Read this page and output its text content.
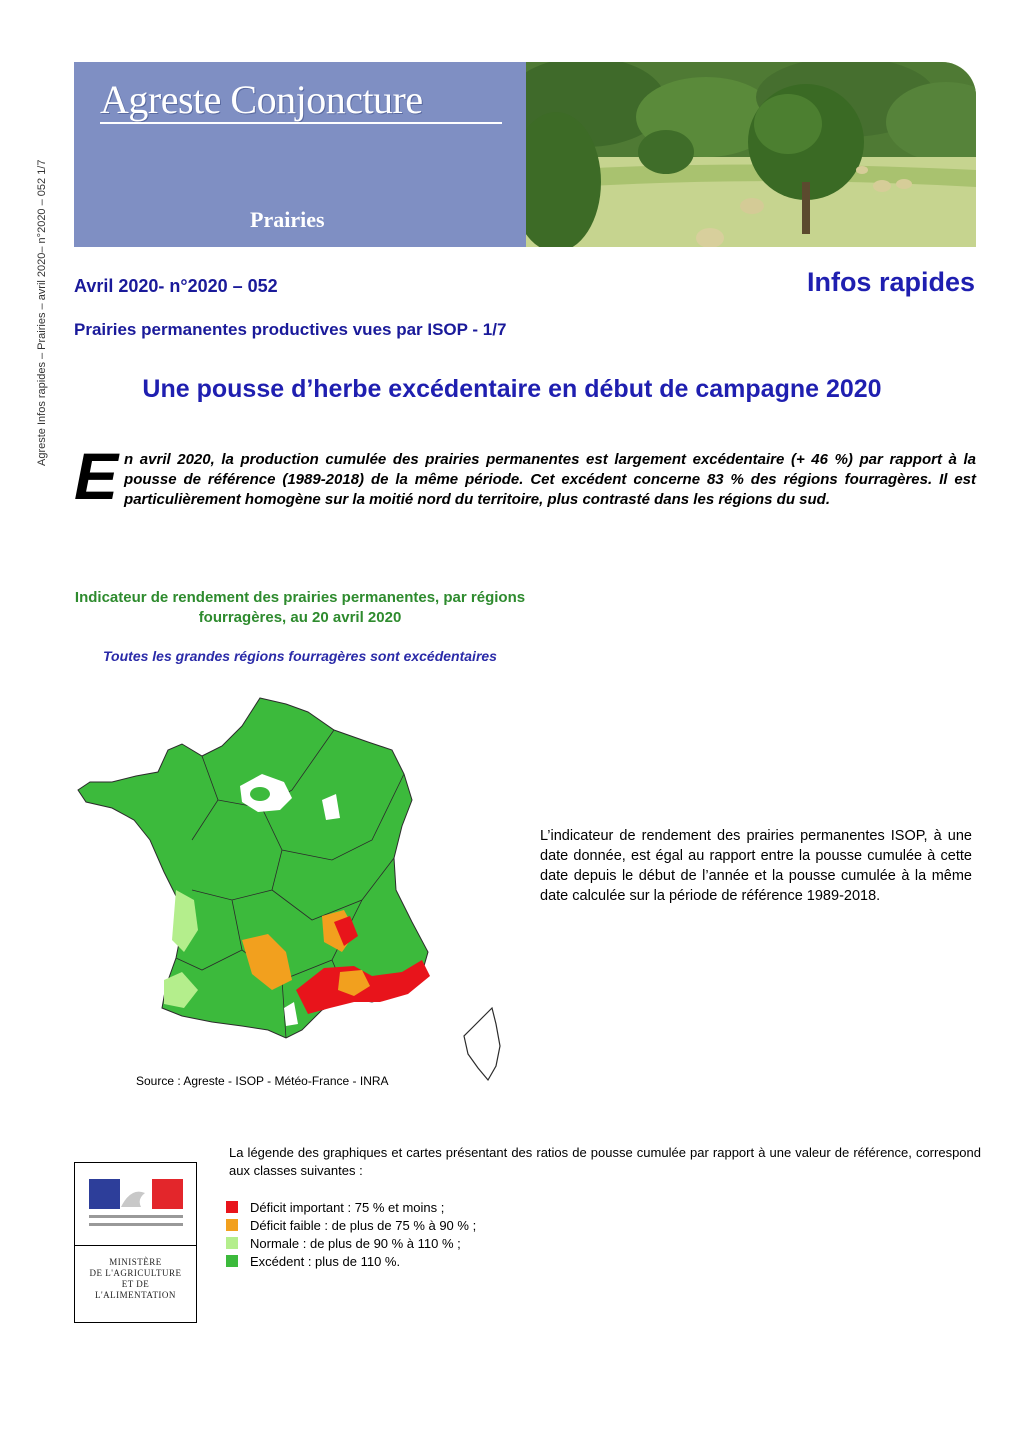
Agreste Infos rapides – Prairies – avril 2020– n°2020 – 052 1/7
Agreste Conjoncture
Prairies
Avril 2020- n°2020 – 052	Infos rapides
Prairies permanentes productives vues par ISOP - 1/7
Une pousse d’herbe excédentaire en début de campagne 2020
E n avril 2020, la production cumulée des prairies permanentes est largement excédentaire (+ 46 %) par rapport à la pousse de référence (1989-2018) de la même période. Cet excédent concerne 83 % des régions fourragères. Il est particulièrement homogène sur la moitié nord du territoire, plus contrasté dans les régions du sud.

Indicateur de rendement des prairies permanentes, par régions fourragères, au 20 avril 2020
Toutes les grandes régions fourragères sont excédentaires
Source : Agreste - ISOP - Météo-France - INRA
L’indicateur de rendement des prairies permanentes ISOP, à une date donnée, est égal au rapport entre la pousse cumulée à cette date depuis le début de l’année et la pousse cumulée à la même date calculée sur la période de référence 1989-2018.
La légende des graphiques et cartes présentant des ratios de pousse cumulée par rapport à une valeur de référence, correspond aux classes suivantes :
Déficit important : 75 % et moins ;
Déficit faible : de plus de 75 % à 90 % ;
Normale : de plus de 90 % à 110 % ;
Excédent : plus de 110 %.
MINISTÈRE
DE L'AGRICULTURE
ET DE
L'ALIMENTATION
